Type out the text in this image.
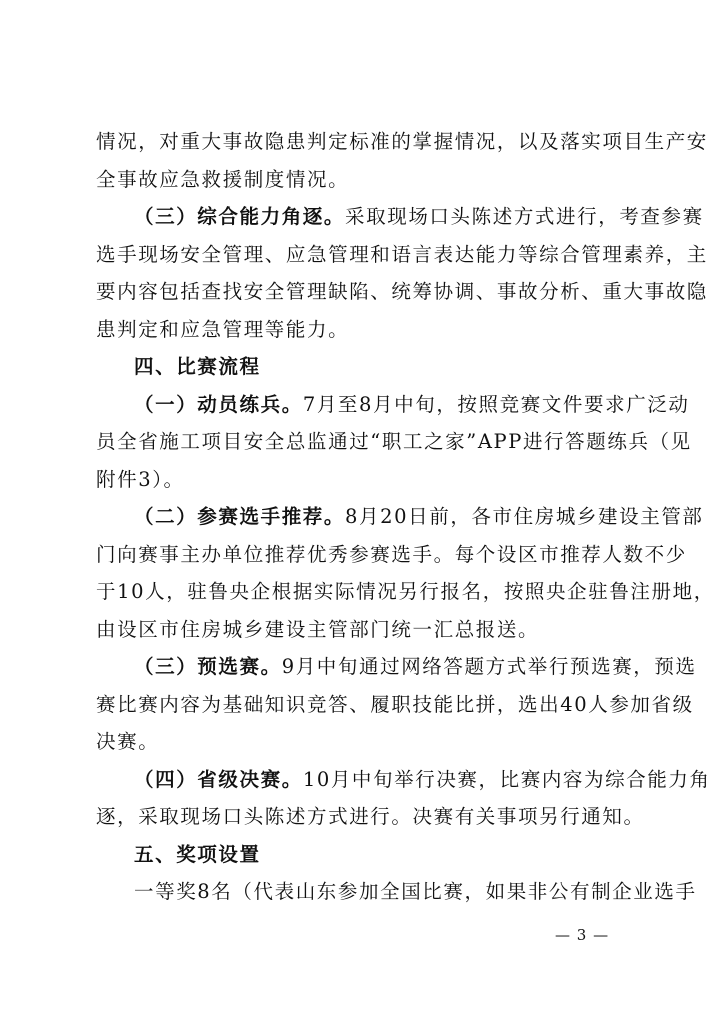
情况，对重大事故隐患判定标准的掌握情况，以及落实项目生产安
全事故应急救援制度情况。
（三）综合能力角逐。采取现场口头陈述方式进行，考查参赛
选手现场安全管理、应急管理和语言表达能力等综合管理素养，主
要内容包括查找安全管理缺陷、统筹协调、事故分析、重大事故隐
患判定和应急管理等能力。
四、比赛流程
（一）动员练兵。7月至8月中旬，按照竞赛文件要求广泛动
员全省施工项目安全总监通过“职工之家”APP进行答题练兵（见
附件3）。
（二）参赛选手推荐。8月20日前，各市住房城乡建设主管部
门向赛事主办单位推荐优秀参赛选手。每个设区市推荐人数不少
于10人，驻鲁央企根据实际情况另行报名，按照央企驻鲁注册地，
由设区市住房城乡建设主管部门统一汇总报送。
（三）预选赛。9月中旬通过网络答题方式举行预选赛，预选
赛比赛内容为基础知识竞答、履职技能比拼，选出40人参加省级
决赛。
（四）省级决赛。10月中旬举行决赛，比赛内容为综合能力角
逐，采取现场口头陈述方式进行。决赛有关事项另行通知。
五、奖项设置
一等奖8名（代表山东参加全国比赛，如果非公有制企业选手
— 3 —
